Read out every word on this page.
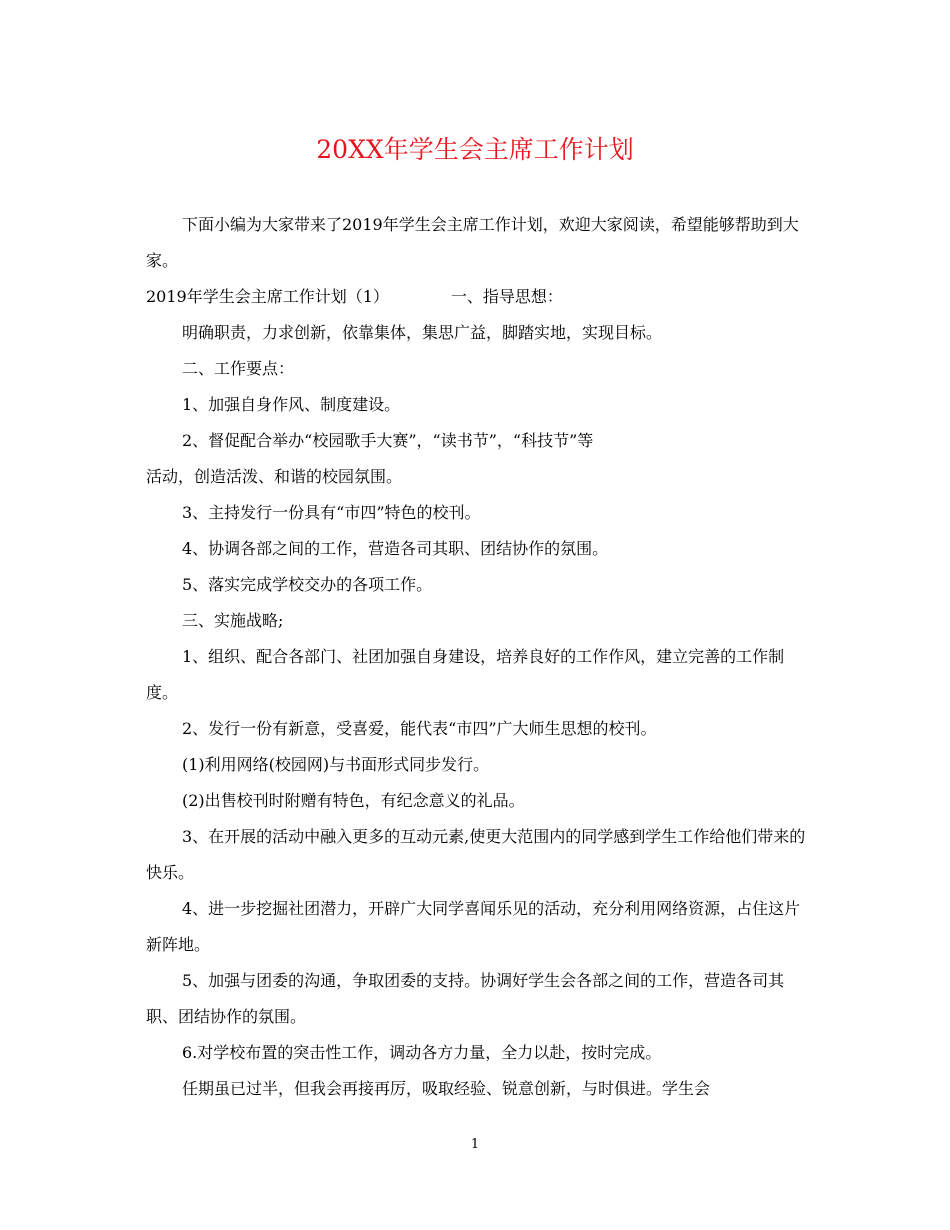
20XX年学生会主席工作计划

下面小编为大家带来了2019年学生会主席工作计划，欢迎大家阅读，希望能够帮助到大家。

2019年学生会主席工作计划（1）	一、指导思想：

明确职责，力求创新，依靠集体，集思广益，脚踏实地，实现目标。

二、工作要点：

1、加强自身作风、制度建设。

2、督促配合举办“校园歌手大赛”，“读书节”，“科技节”等

活动，创造活泼、和谐的校园氛围。

3、主持发行一份具有“市四”特色的校刊。

4、协调各部之间的工作，营造各司其职、团结协作的氛围。

5、落实完成学校交办的各项工作。

三、实施战略;

1、组织、配合各部门、社团加强自身建设，培养良好的工作作风，建立完善的工作制度。

2、发行一份有新意，受喜爱，能代表“市四”广大师生思想的校刊。

(1)利用网络(校园网)与书面形式同步发行。

(2)出售校刊时附赠有特色，有纪念意义的礼品。

3、在开展的活动中融入更多的互动元素,使更大范围内的同学感到学生工作给他们带来的快乐。

4、进一步挖掘社团潜力，开辟广大同学喜闻乐见的活动，充分利用网络资源，占住这片新阵地。

5、加强与团委的沟通，争取团委的支持。协调好学生会各部之间的工作，营造各司其职、团结协作的氛围。

6.对学校布置的突击性工作，调动各方力量，全力以赴，按时完成。

任期虽已过半，但我会再接再厉，吸取经验、锐意创新，与时俱进。学生会

1
